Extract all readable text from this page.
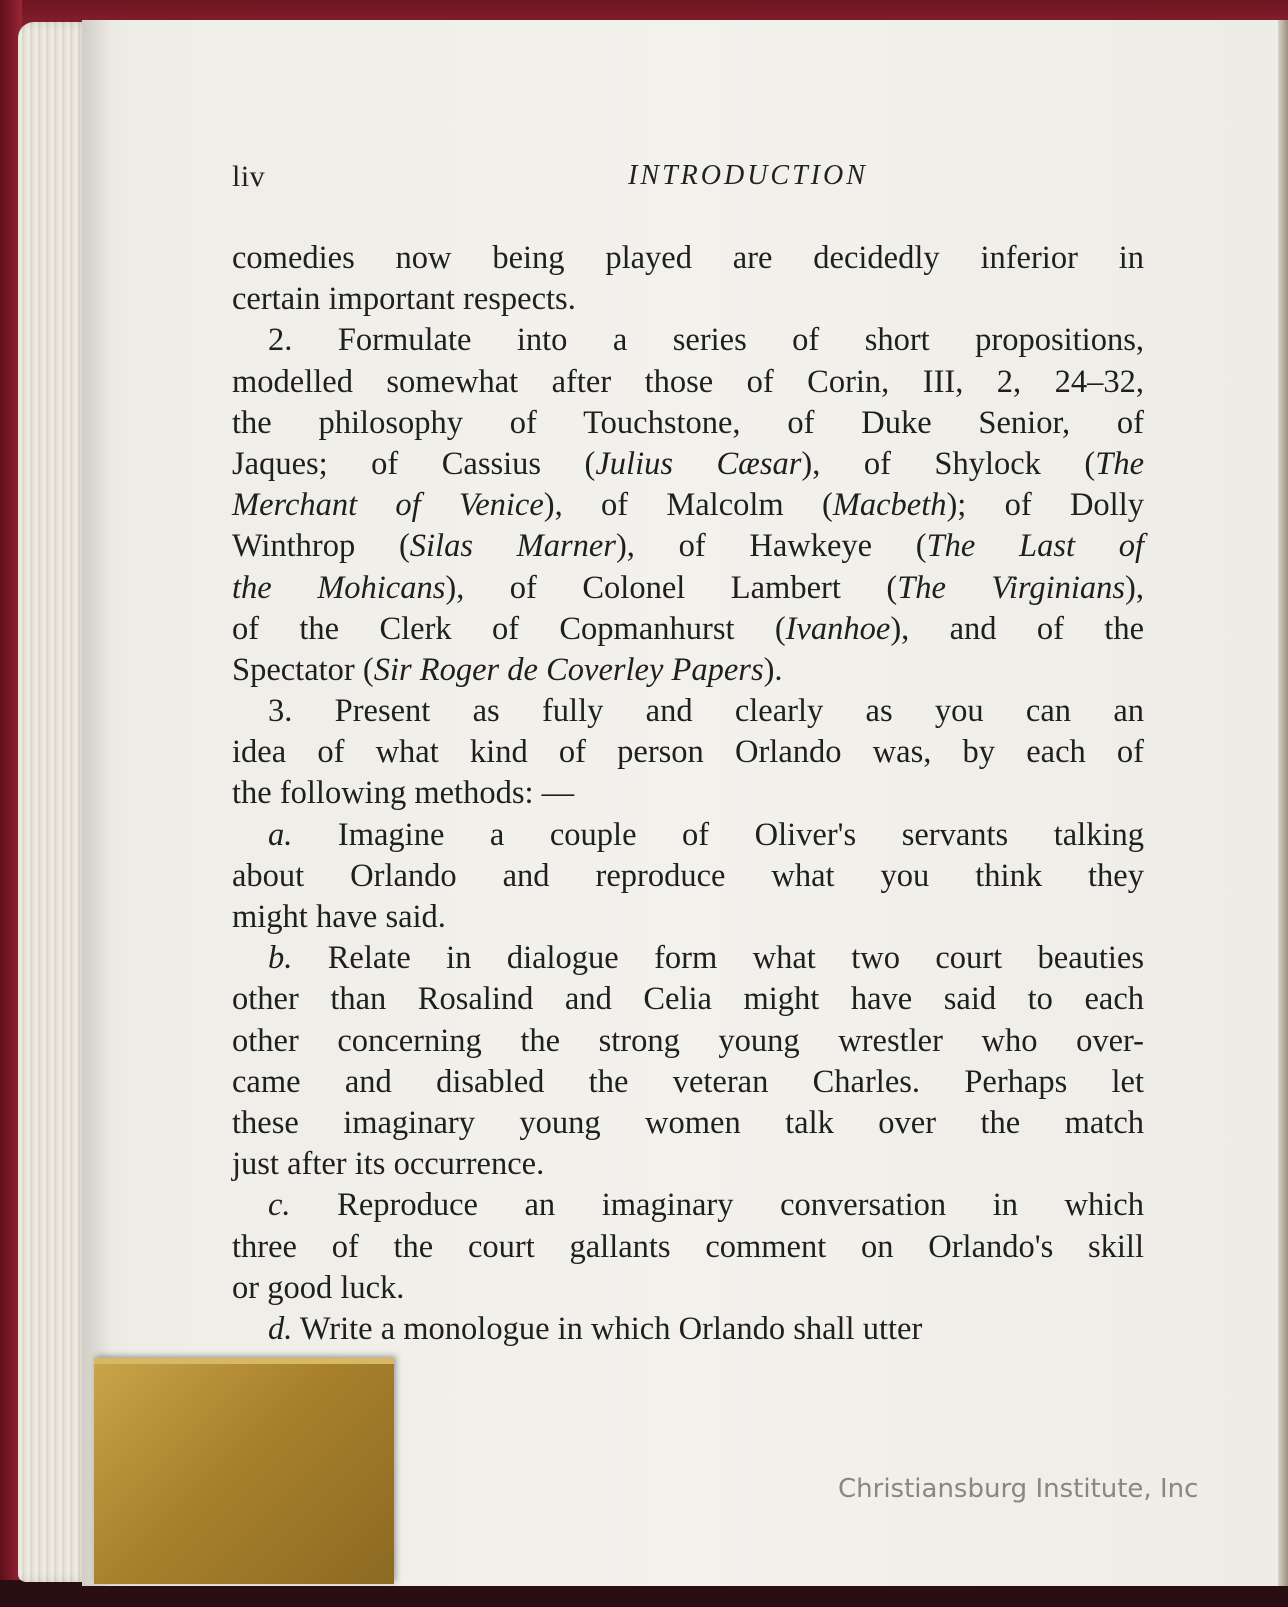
liv	INTRODUCTION
comedies now being played are decidedly inferior in
certain important respects.
2. Formulate into a series of short propositions,
modelled somewhat after those of Corin, III, 2, 24–32,
the philosophy of Touchstone, of Duke Senior, of
Jaques; of Cassius (Julius Cæsar), of Shylock (The
Merchant of Venice), of Malcolm (Macbeth); of Dolly
Winthrop (Silas Marner), of Hawkeye (The Last of
the Mohicans), of Colonel Lambert (The Virginians),
of the Clerk of Copmanhurst (Ivanhoe), and of the
Spectator (Sir Roger de Coverley Papers).
3. Present as fully and clearly as you can an
idea of what kind of person Orlando was, by each of
the following methods: —
a. Imagine a couple of Oliver's servants talking
about Orlando and reproduce what you think they
might have said.
b. Relate in dialogue form what two court beauties
other than Rosalind and Celia might have said to each
other concerning the strong young wrestler who over-
came and disabled the veteran Charles. Perhaps let
these imaginary young women talk over the match
just after its occurrence.
c. Reproduce an imaginary conversation in which
three of the court gallants comment on Orlando's skill
or good luck.
d. Write a monologue in which Orlando shall utter
Christiansburg Institute, Inc
